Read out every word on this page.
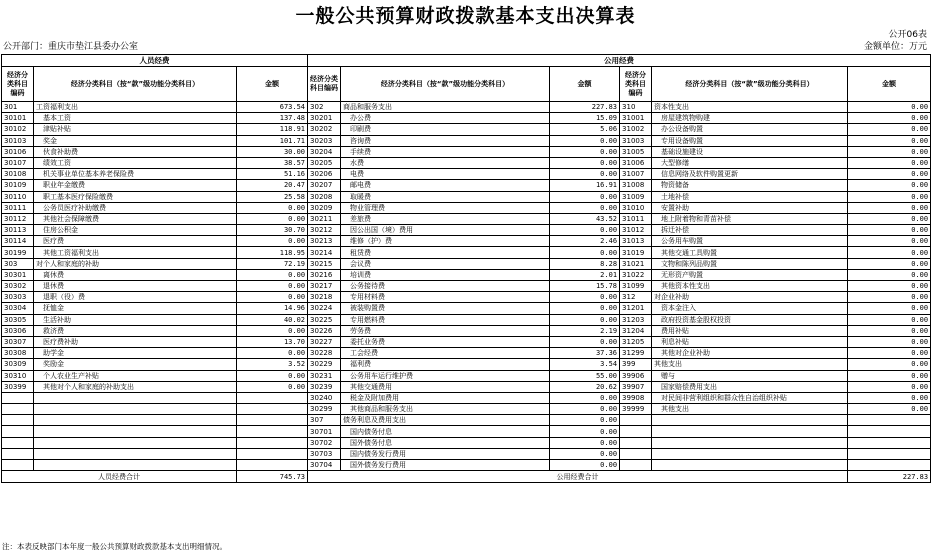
一般公共预算财政拨款基本支出决算表
公开06表
公开部门：重庆市垫江县委办公室	金额单位：万元
人员经费			公用经费					
经济分类科目编码	经济分类科目（按“款”级功能分类科目）	金额	经济分类科目编码	经济分类科目（按“款”级功能分类科目）	金额	经济分类科目编码	经济分类科目（按“款”级功能分类科目）	金额
301	工资福利支出	673.54	302	商品和服务支出	227.83	310	资本性支出	0.00
30101	基本工资	137.48	30201	办公费	15.09	31001	房屋建筑物购建	0.00
30102	津贴补贴	118.91	30202	印刷费	5.06	31002	办公设备购置	0.00
30103	奖金	101.71	30203	咨询费	0.00	31003	专用设备购置	0.00
30106	伙食补助费	30.00	30204	手续费	0.00	31005	基础设施建设	0.00
30107	绩效工资	38.57	30205	水费	0.00	31006	大型修缮	0.00
30108	机关事业单位基本养老保险费	51.16	30206	电费	0.00	31007	信息网络及软件购置更新	0.00
30109	职业年金缴费	20.47	30207	邮电费	16.91	31008	物资储备	0.00
30110	职工基本医疗保险缴费	25.58	30208	取暖费	0.00	31009	土地补偿	0.00
30111	公务员医疗补助缴费	0.00	30209	物业管理费	0.00	31010	安置补助	0.00
30112	其他社会保障缴费	0.00	30211	差旅费	43.52	31011	地上附着物和青苗补偿	0.00
30113	住房公积金	30.70	30212	因公出国（境）费用	0.00	31012	拆迁补偿	0.00
30114	医疗费	0.00	30213	维修（护）费	2.46	31013	公务用车购置	0.00
30199	其他工资福利支出	118.95	30214	租赁费	0.00	31019	其他交通工具购置	0.00
303	对个人和家庭的补助	72.19	30215	会议费	8.28	31021	文物和陈列品购置	0.00
30301	离休费	0.00	30216	培训费	2.01	31022	无形资产购置	0.00
30302	退休费	0.00	30217	公务接待费	15.78	31099	其他资本性支出	0.00
30303	退职（役）费	0.00	30218	专用材料费	0.00	312	对企业补助	0.00
30304	抚恤金	14.96	30224	被装购置费	0.00	31201	资本金注入	0.00
30305	生活补助	40.02	30225	专用燃料费	0.00	31203	政府投资基金股权投资	0.00
30306	救济费	0.00	30226	劳务费	2.19	31204	费用补贴	0.00
30307	医疗费补助	13.70	30227	委托业务费	0.00	31205	利息补贴	0.00
30308	助学金	0.00	30228	工会经费	37.36	31299	其他对企业补助	0.00
30309	奖励金	3.52	30229	福利费	3.54	399	其他支出	0.00
30310	个人农业生产补贴	0.00	30231	公务用车运行维护费	55.00	39906	赠与	0.00
30399	其他对个人和家庭的补助支出	0.00	30239	其他交通费用	20.62	39907	国家赔偿费用支出	0.00
			30240	税金及附加费用	0.00	39908	对民间非营利组织和群众性自治组织补贴	0.00
			30299	其他商品和服务支出	0.00	39999	其他支出	0.00
			307	债务利息及费用支出	0.00			
			30701	国内债务付息	0.00			
			30702	国外债务付息	0.00			
			30703	国内债务发行费用	0.00			
			30704	国外债务发行费用	0.00			
人员经费合计		745.73	公用经费合计					227.83
注：本表反映部门本年度一般公共预算财政拨款基本支出明细情况。
